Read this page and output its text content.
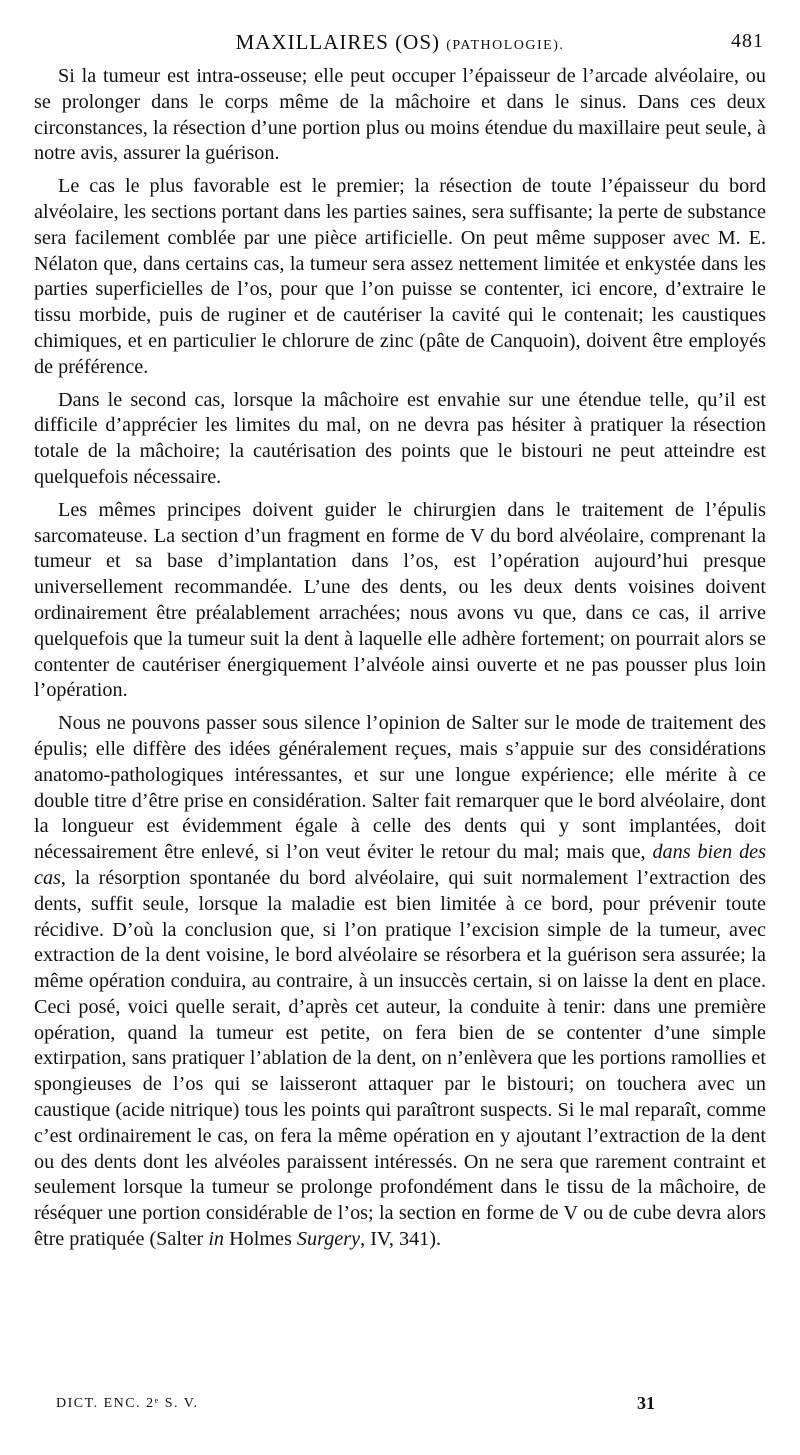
MAXILLAIRES (OS) (PATHOLOGIE).	481

Si la tumeur est intra-osseuse; elle peut occuper l’épaisseur de l’arcade alvéolaire, ou se prolonger dans le corps même de la mâchoire et dans le sinus. Dans ces deux circonstances, la résection d’une portion plus ou moins étendue du maxillaire peut seule, à notre avis, assurer la guérison.

Le cas le plus favorable est le premier; la résection de toute l’épaisseur du bord alvéolaire, les sections portant dans les parties saines, sera suffisante; la perte de substance sera facilement comblée par une pièce artificielle. On peut même supposer avec M. E. Nélaton que, dans certains cas, la tumeur sera assez nettement limitée et enkystée dans les parties superficielles de l’os, pour que l’on puisse se contenter, ici encore, d’extraire le tissu morbide, puis de ruginer et de cautériser la cavité qui le contenait; les caustiques chimiques, et en particulier le chlorure de zinc (pâte de Canquoin), doivent être employés de préférence.

Dans le second cas, lorsque la mâchoire est envahie sur une étendue telle, qu’il est difficile d’apprécier les limites du mal, on ne devra pas hésiter à pratiquer la résection totale de la mâchoire; la cautérisation des points que le bistouri ne peut atteindre est quelquefois nécessaire.

Les mêmes principes doivent guider le chirurgien dans le traitement de l’épulis sarcomateuse. La section d’un fragment en forme de V du bord alvéolaire, comprenant la tumeur et sa base d’implantation dans l’os, est l’opération aujourd’hui presque universellement recommandée. L’une des dents, ou les deux dents voisines doivent ordinairement être préalablement arrachées; nous avons vu que, dans ce cas, il arrive quelquefois que la tumeur suit la dent à laquelle elle adhère fortement; on pourrait alors se contenter de cautériser énergiquement l’alvéole ainsi ouverte et ne pas pousser plus loin l’opération.

Nous ne pouvons passer sous silence l’opinion de Salter sur le mode de traitement des épulis; elle diffère des idées généralement reçues, mais s’appuie sur des considérations anatomo-pathologiques intéressantes, et sur une longue expérience; elle mérite à ce double titre d’être prise en considération. Salter fait remarquer que le bord alvéolaire, dont la longueur est évidemment égale à celle des dents qui y sont implantées, doit nécessairement être enlevé, si l’on veut éviter le retour du mal; mais que, dans bien des cas, la résorption spontanée du bord alvéolaire, qui suit normalement l’extraction des dents, suffit seule, lorsque la maladie est bien limitée à ce bord, pour prévenir toute récidive. D’où la conclusion que, si l’on pratique l’excision simple de la tumeur, avec extraction de la dent voisine, le bord alvéolaire se résorbera et la guérison sera assurée; la même opération conduira, au contraire, à un insuccès certain, si on laisse la dent en place. Ceci posé, voici quelle serait, d’après cet auteur, la conduite à tenir: dans une première opération, quand la tumeur est petite, on fera bien de se contenter d’une simple extirpation, sans pratiquer l’ablation de la dent, on n’enlèvera que les portions ramollies et spongieuses de l’os qui se laisseront attaquer par le bistouri; on touchera avec un caustique (acide nitrique) tous les points qui paraîtront suspects. Si le mal reparaît, comme c’est ordinairement le cas, on fera la même opération en y ajoutant l’extraction de la dent ou des dents dont les alvéoles paraissent intéressés. On ne sera que rarement contraint et seulement lorsque la tumeur se prolonge profondément dans le tissu de la mâchoire, de réséquer une portion considérable de l’os; la section en forme de V ou de cube devra alors être pratiquée (Salter in Holmes Surgery, IV, 341).

DICT. ENC. 2ᵉ S. V.	31
